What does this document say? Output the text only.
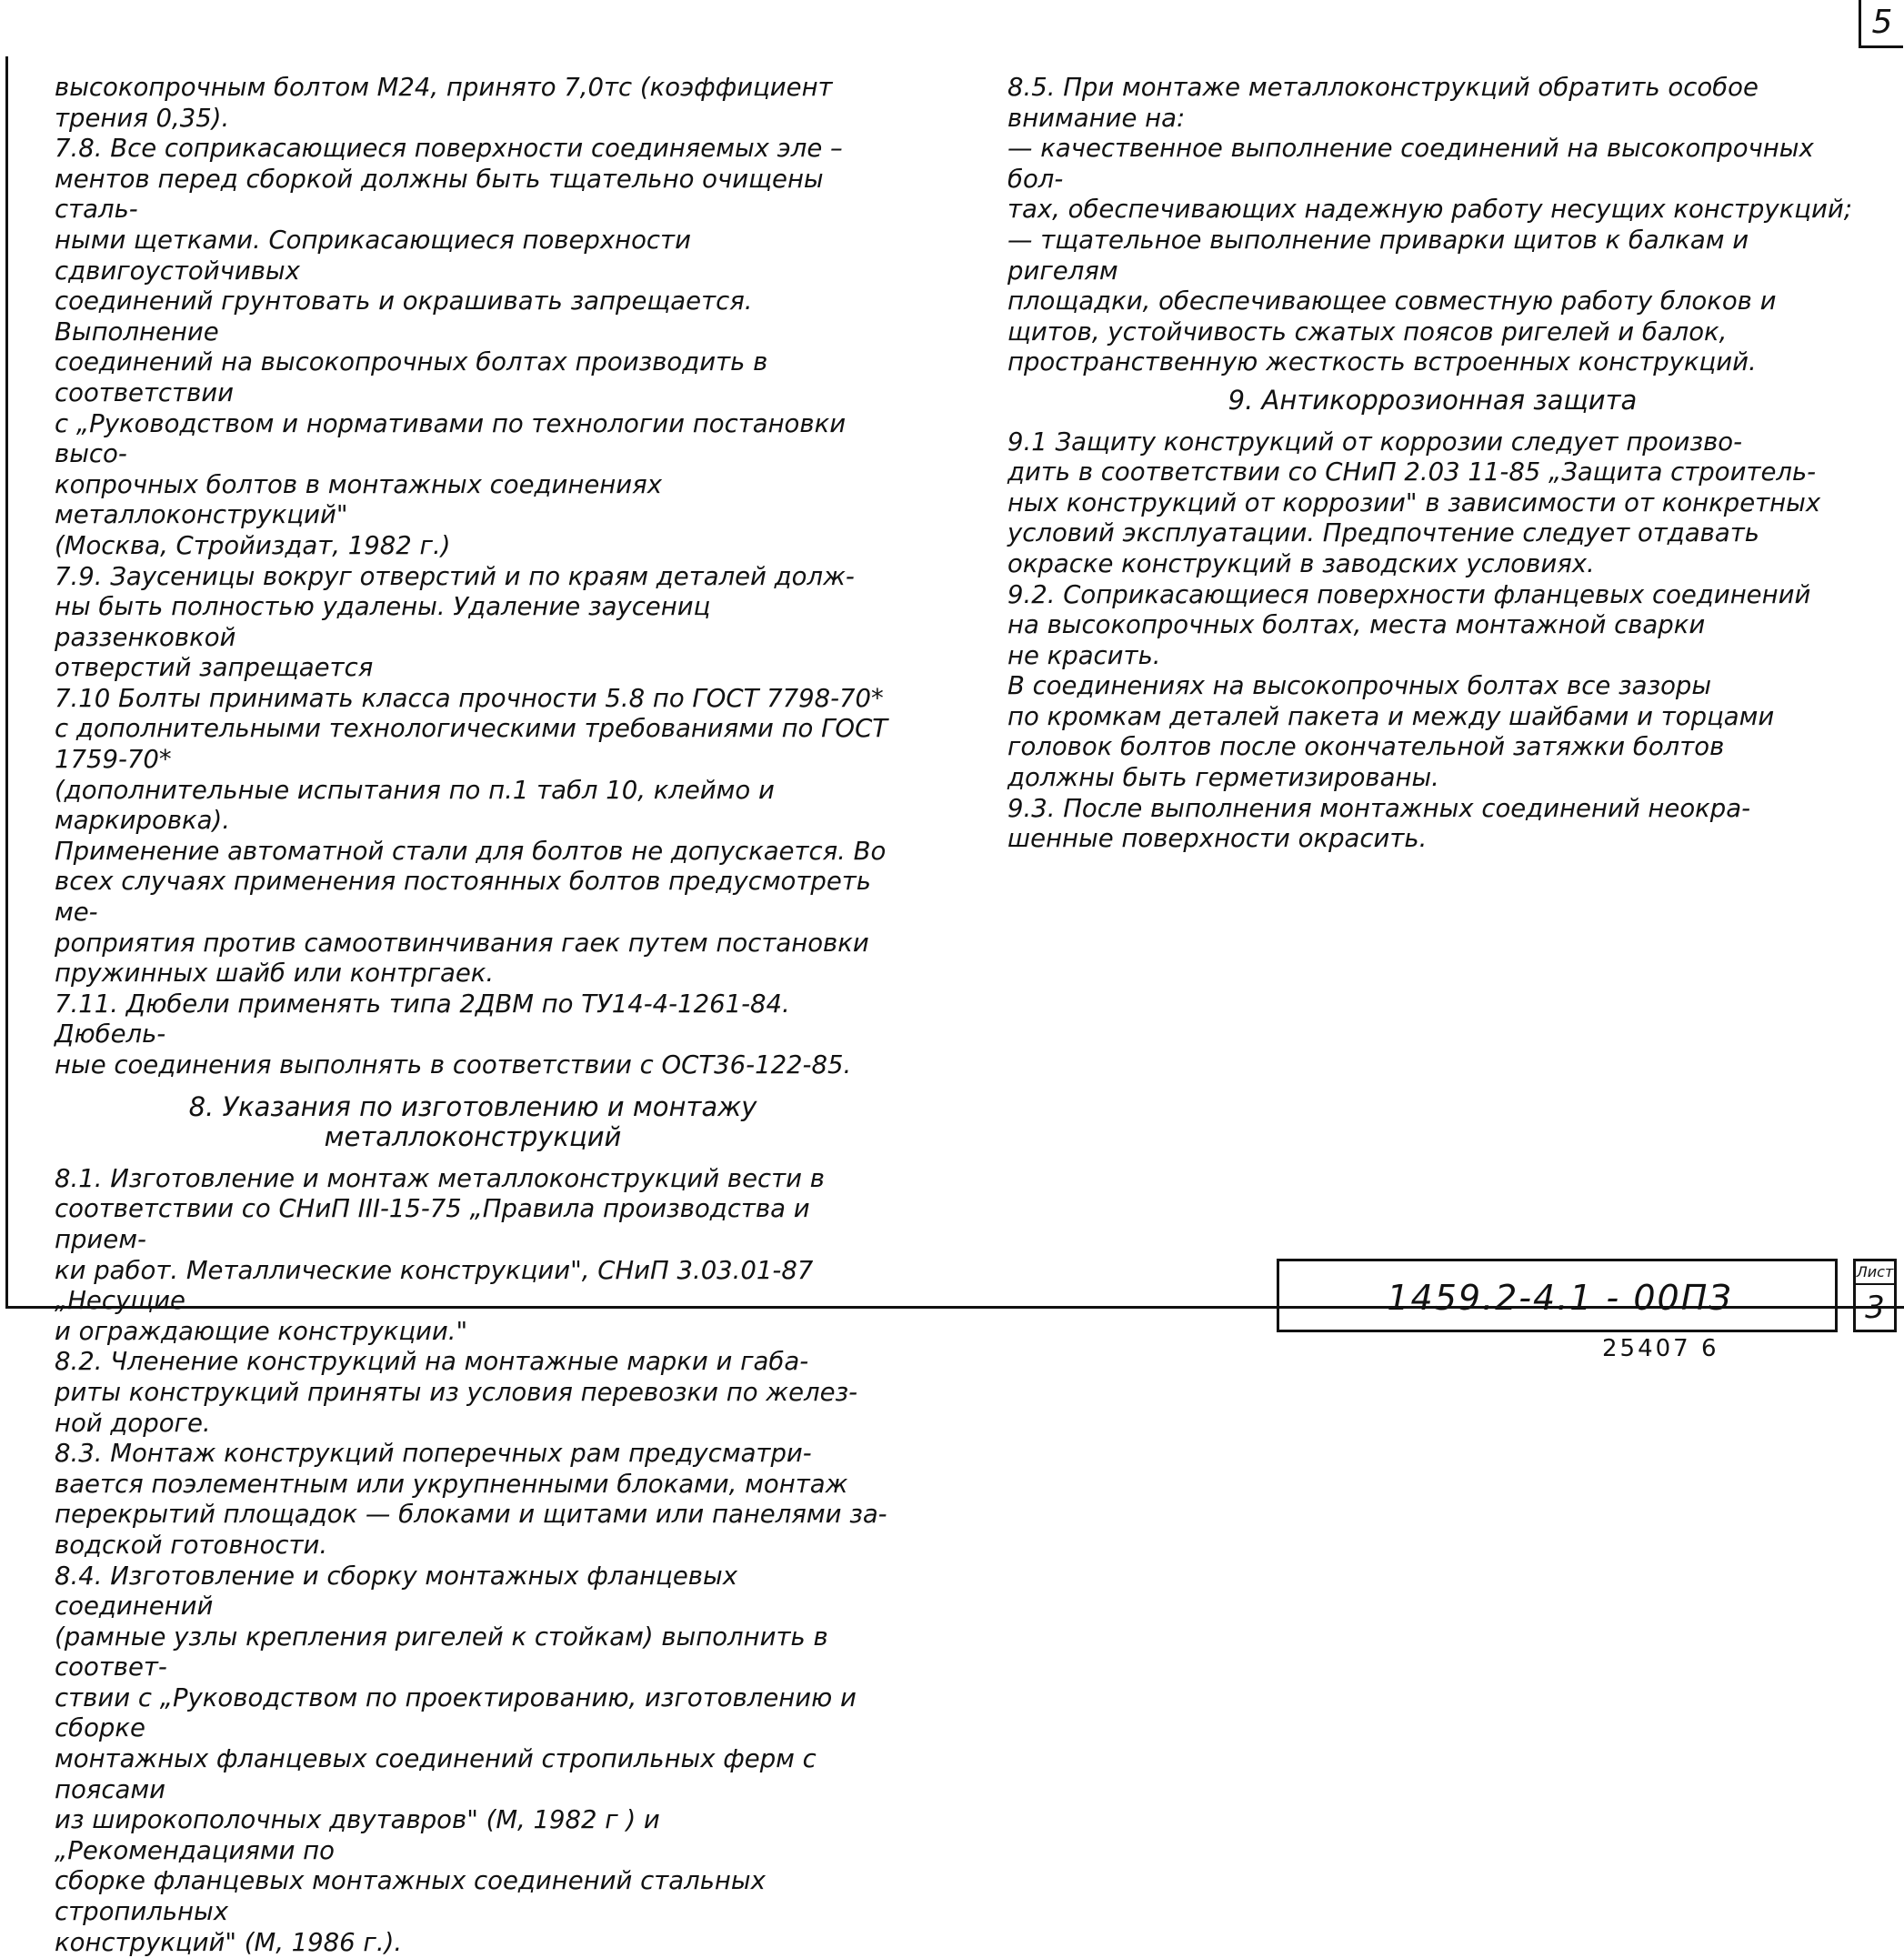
5

высокопрочным болтом М24, принято 7,0тс (коэффициент трения 0,35).

7.8. Все соприкасающиеся поверхности соединяемых эле –
ментов перед сборкой должны быть тщательно очищены сталь-
ными щетками. Соприкасающиеся поверхности сдвигоустойчивых
соединений грунтовать и окрашивать запрещается. Выполнение
соединений на высокопрочных болтах производить в соответствии
с „Руководством и нормативами по технологии постановки высо-
копрочных болтов в монтажных соединениях металлоконструкций"
(Москва, Стройиздат, 1982 г.)

7.9. Заусеницы вокруг отверстий и по краям деталей долж-
ны быть полностью удалены. Удаление заусениц раззенковкой
отверстий запрещается

7.10 Болты принимать класса прочности 5.8 по ГОСТ 7798-70*
с дополнительными технологическими требованиями по ГОСТ 1759-70*
(дополнительные испытания по п.1 табл 10, клеймо и маркировка).
Применение автоматной стали для болтов не допускается. Во
всех случаях применения постоянных болтов предусмотреть ме-
роприятия против самоотвинчивания гаек путем постановки
пружинных шайб или контргаек.

7.11. Дюбели применять типа 2ДВМ по ТУ14-4-1261-84. Дюбель-
ные соединения выполнять в соответствии с ОСТ36-122-85.

8. Указания по изготовлению и монтажу
металлоконструкций

8.1. Изготовление и монтаж металлоконструкций вести в
соответствии со СНиП III-15-75 „Правила производства и прием-
ки работ. Металлические конструкции", СНиП 3.03.01-87 „Несущие
и ограждающие конструкции."

8.2. Членение конструкций на монтажные марки и габа-
риты конструкций приняты из условия перевозки по желез-
ной дороге.

8.3. Монтаж конструкций поперечных рам предусматри-
вается поэлементным или укрупненными блоками, монтаж
перекрытий площадок — блоками и щитами или панелями за-
водской готовности.

8.4. Изготовление и сборку монтажных фланцевых соединений
(рамные узлы крепления ригелей к стойкам) выполнить в соответ-
ствии с „Руководством по проектированию, изготовлению и сборке
монтажных фланцевых соединений стропильных ферм с поясами
из широкополочных двутавров" (М, 1982 г ) и „Рекомендациями по
сборке фланцевых монтажных соединений стальных стропильных
конструкций" (М, 1986 г.).

8.5. При монтаже металлоконструкций обратить особое
внимание на:

— качественное выполнение соединений на высокопрочных бол-
тах, обеспечивающих надежную работу несущих конструкций;

— тщательное выполнение приварки щитов к балкам и ригелям
площадки, обеспечивающее совместную работу блоков и
щитов, устойчивость сжатых поясов ригелей и балок,
пространственную жесткость встроенных конструкций.

9. Антикоррозионная защита

9.1 Защиту конструкций от коррозии следует произво-
дить в соответствии со СНиП 2.03 11-85 „Защита строитель-
ных конструкций от коррозии" в зависимости от конкретных
условий эксплуатации. Предпочтение следует отдавать
окраске конструкций в заводских условиях.

9.2. Соприкасающиеся поверхности фланцевых соединений
на высокопрочных болтах, места монтажной сварки
не красить.

В соединениях на высокопрочных болтах все зазоры
по кромкам деталей пакета и между шайбами и торцами
головок болтов после окончательной затяжки болтов
должны быть герметизированы.

9.3. После выполнения монтажных соединений неокра-
шенные поверхности окрасить.

1459.2-4.1 - 00ПЗ
Лист
3
25407 6
